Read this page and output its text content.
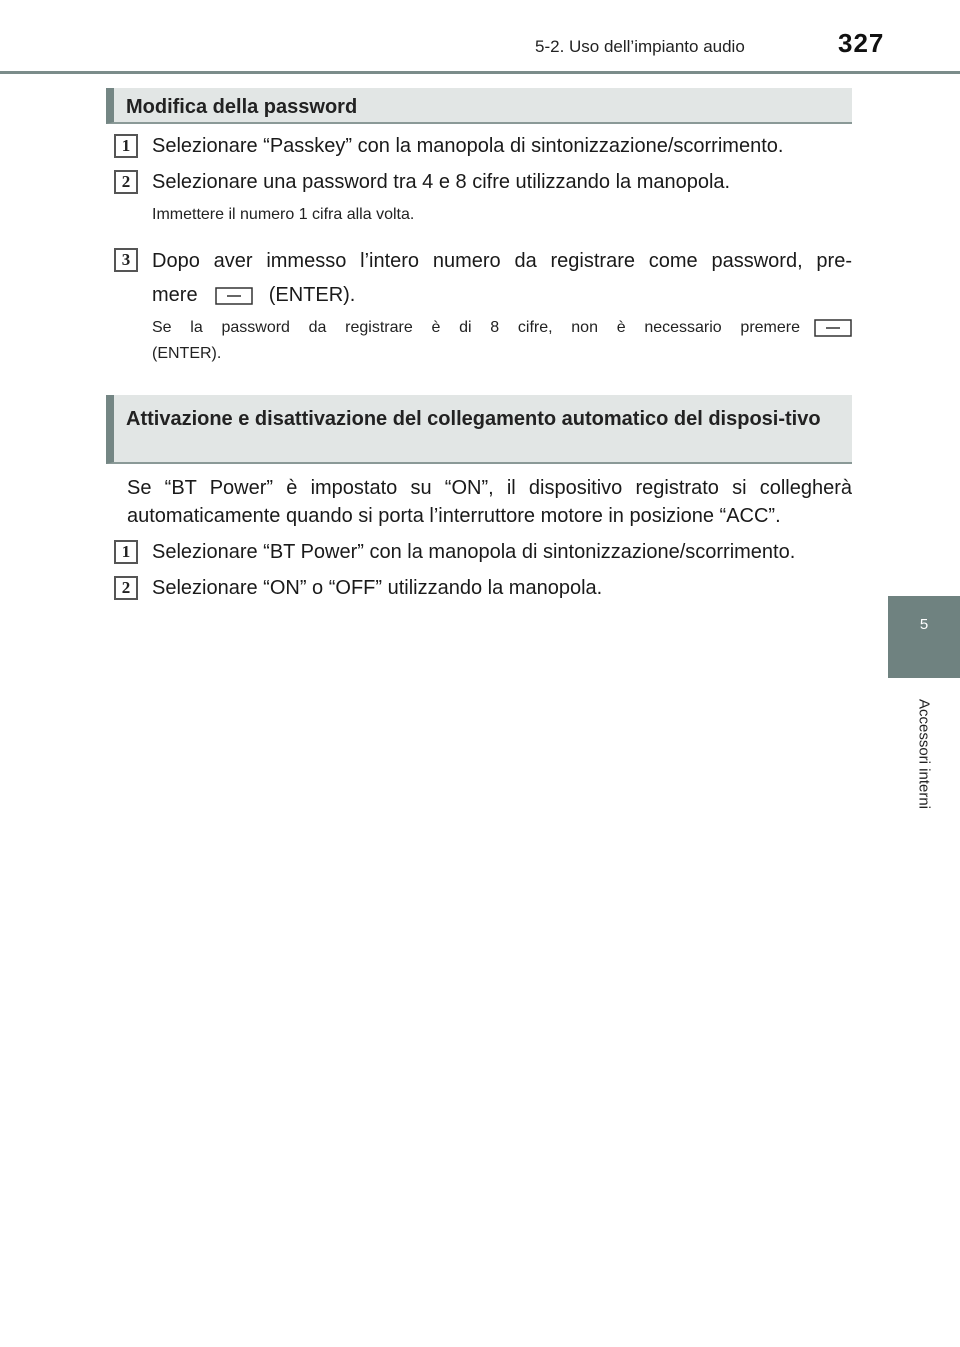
5-2. Uso dell’impianto audio	327
5
Accessori interni
Modifica della password
1	Selezionare “Passkey” con la manopola di sintonizzazione/scorrimento.
2	Selezionare una password tra 4 e 8 cifre utilizzando la manopola.
Immettere il numero 1 cifra alla volta.
3	Dopo aver immesso l’intero numero da registrare come password, pre-
mere	(ENTER).
Se la password da registrare è di 8 cifre, non è necessario premere
(ENTER).
Attivazione e disattivazione del collegamento automatico del disposi-tivo
Se “BT Power” è impostato su “ON”, il dispositivo registrato si collegherà
automaticamente quando si porta l’interruttore motore in posizione “ACC”.
1	Selezionare “BT Power” con la manopola di sintonizzazione/scorrimento.
2	Selezionare “ON” o “OFF” utilizzando la manopola.
